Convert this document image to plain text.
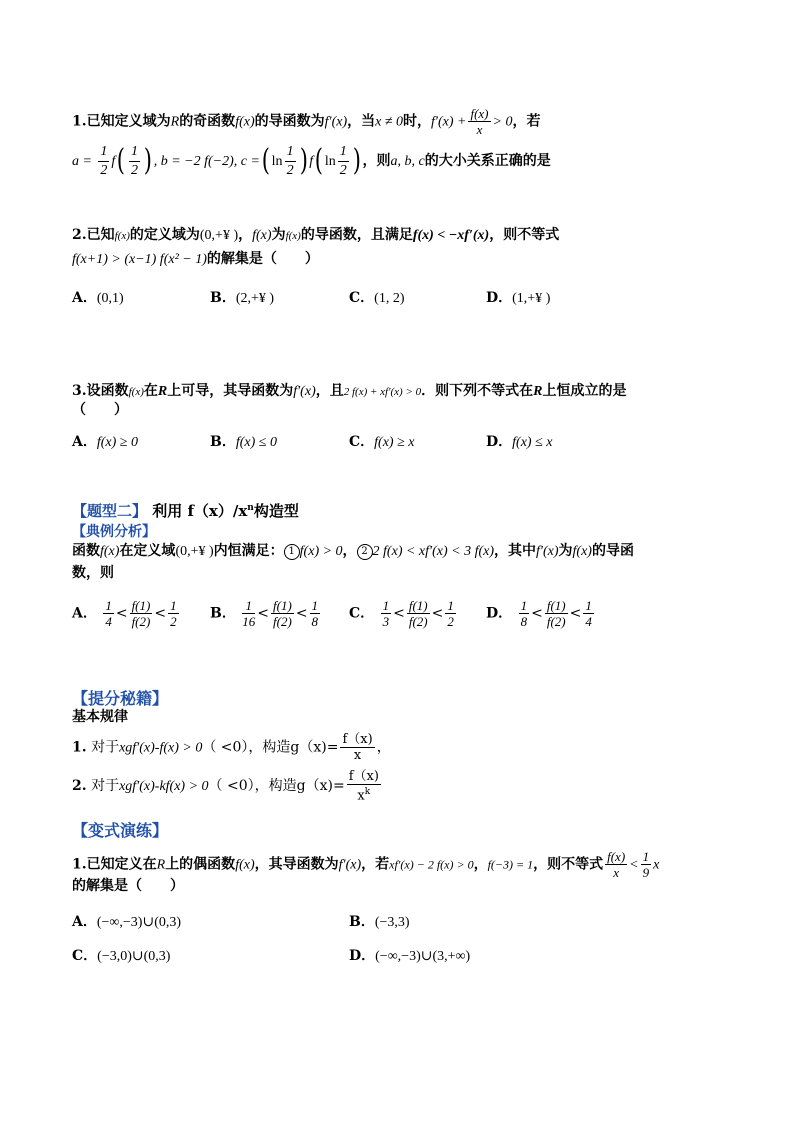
1.已知定义域为R的奇函数f(x)的导函数为f′(x)，当x ≠ 0时，$f'(x) + \frac{f(x)}{x} > 0$，若
$a = \frac{1}{2} f( \frac{1}{2}$ ) , b = −2 f(−2), c =( $\ln \frac{1}{2}$ ) f( $\ln \frac{1}{2}$ ) ，则a, b, c的大小关系正确的是
2.已知f(x)的定义域为(0,+¥ )，f(x)为f(x)的导函数，且满足f(x) < −xf′(x)，则不等式
f(x+1) > (x−1) f(x² − 1)的解集是（　　）
A．(0,1)	B．(2,+¥ )	C．(1, 2)	D．(1,+¥ )
3.设函数f(x)在R上可导，其导函数为f′(x)，且2 f(x) + xf′(x) > 0．则下列不等式在R上恒成立的是
（　　）
A．f(x) ≥ 0	B．f(x) ≤ 0	C．f(x) ≥ x	D．f(x) ≤ x
【题型二】 利用 $f(x)/x^n$构造型
【典例分析】
函数f(x)在定义域(0,+¥ )内恒满足： 1 f(x) > 0， 2 2 f(x) < xf′(x) < 3 f(x)，其中f′(x)为f(x)的导函
数，则
A． $\frac{1}{4} < \frac{f(1)}{f(2)} < \frac{1}{2}$ B． $\frac{1}{16} < \frac{f(1)}{f(2)} < \frac{1}{8}$ C． $\frac{1}{3} < \frac{f(1)}{f(2)} < \frac{1}{2}$ D． $\frac{1}{8} < \frac{f(1)}{f(2)} < \frac{1}{4}$
【提分秘籍】
基本规律
1. 对于xgf′(x)-f(x) > 0（ <0），构造$g(x)= \frac{f(x)}{x}$ ，
2. 对于xgf′(x)-kf(x) > 0（ <0），构造$g(x)= \frac{f(x)}{x^k}$
【变式演练】
1.已知定义在R上的偶函数f(x)，其导函数为f′(x)，若xf′(x) − 2 f(x) > 0，f(−3) = 1，则不等式 $\frac{f(x)}{x} < \frac{1}{9}$ x
的解集是（　　）
A．(−∞,−3)∪(0,3)	B．(−3,3)
C．(−3,0)∪(0,3)	D．(−∞,−3)∪(3,+∞)
